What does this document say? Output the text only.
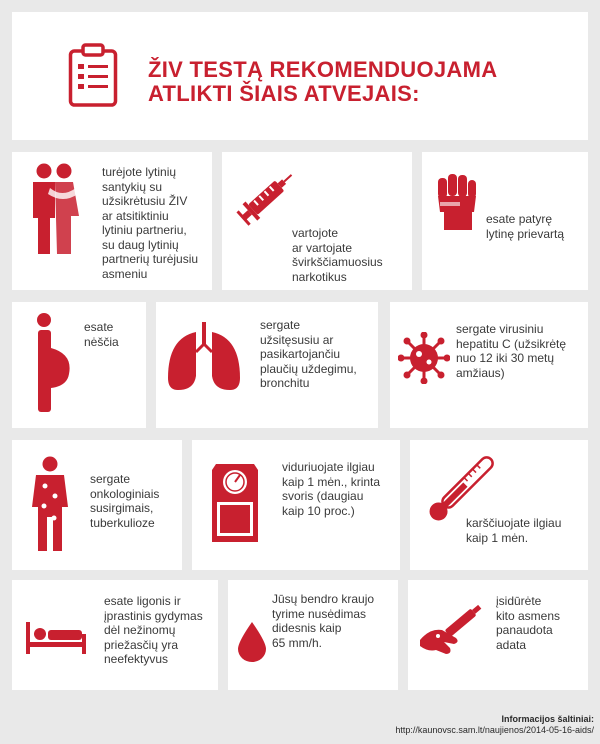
ŽIV TESTĄ REKOMENDUOJAMA
ATLIKTI ŠIAIS ATVEJAIS:
turėjote lytinių
santykių su
užsikrėtusiu ŽIV
ar atsitiktiniu
lytiniu partneriu,
su daug lytinių
partnerių turėjusiu
asmeniu
vartojote
ar vartojate
švirkščiamuosius
narkotikus
esate patyrę
lytinę prievartą
esate
nėščia
sergate
užsitęsusiu ar
pasikartojančiu
plaučių uždegimu,
bronchitu
sergate virusiniu
hepatitu C (užsikrėtę
nuo 12 iki 30 metų
amžiaus)
sergate
onkologiniais
susirgimais,
tuberkulioze
viduriuojate ilgiau
kaip 1 mėn., krinta
svoris (daugiau
kaip 10 proc.)
karščiuojate ilgiau
kaip 1 mėn.
esate ligonis ir
įprastinis gydymas
dėl nežinomų
priežasčių yra
neefektyvus
Jūsų bendro kraujo
tyrime nusėdimas
didesnis kaip
65 mm/h.
įsidūrėte
kito asmens
panaudota
adata
Informacijos šaltiniai:
http://kaunovsc.sam.lt/naujienos/2014-05-16-aids/
